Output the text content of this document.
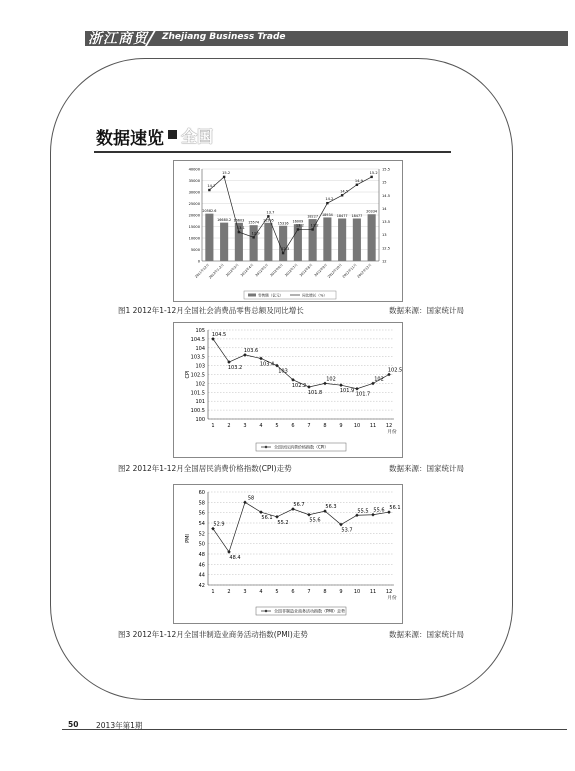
浙江商贸 Zhejiang Business Trade
数据速览 全国
0
5000
10000
15000
20000
25000
30000
35000
40000
12
12.5
13
13.5
14
14.5
15
15.5
20582.6
14.7
2011年12月
16680.2
15.2
2012年1-2月
16603
13.1
2012年3月
15574
12.9
2012年4月
16595
13.7
2012年5月
15316
12.3
2012年6月
16009
13.2
2012年7月
18227
13.2
2012年8月
18934
14.2
2012年9月
18477
14.5
2012年10月
18477
14.9
2012年11月
20334
15.2
2012年12月
零售额（亿元）	同比增长（%）
图1 2012年1-12月全国社会消费品零售总额及同比增长	数据来源：国家统计局
100
100.5
101
101.5
102
102.5
103
103.5
104
104.5
105
CPI
1	2	3	4	5	6	7	8	9 10 11 12
月份
104.5
103.2
103.6
103.4
103
102.2
101.8
102
101.9
101.7
102
102.5
全国居民消费价格指数（CPI）
图2 2012年1-12月全国居民消费价格指数(CPI)走势	数据来源：国家统计局
42
44
46
48
50
52
54
56
58
60
PMI
1	2	3	4	5	6	7	8	9 10 11 12
月份
52.9
48.4
58
56.1
55.2
56.7
55.6
56.3
53.7
55.5 55.6 56.1
全国非制造业商务活动指数（PMI）走势
图3 2012年1-12月全国非制造业商务活动指数(PMI)走势	数据来源：国家统计局
50 2013年第1期
